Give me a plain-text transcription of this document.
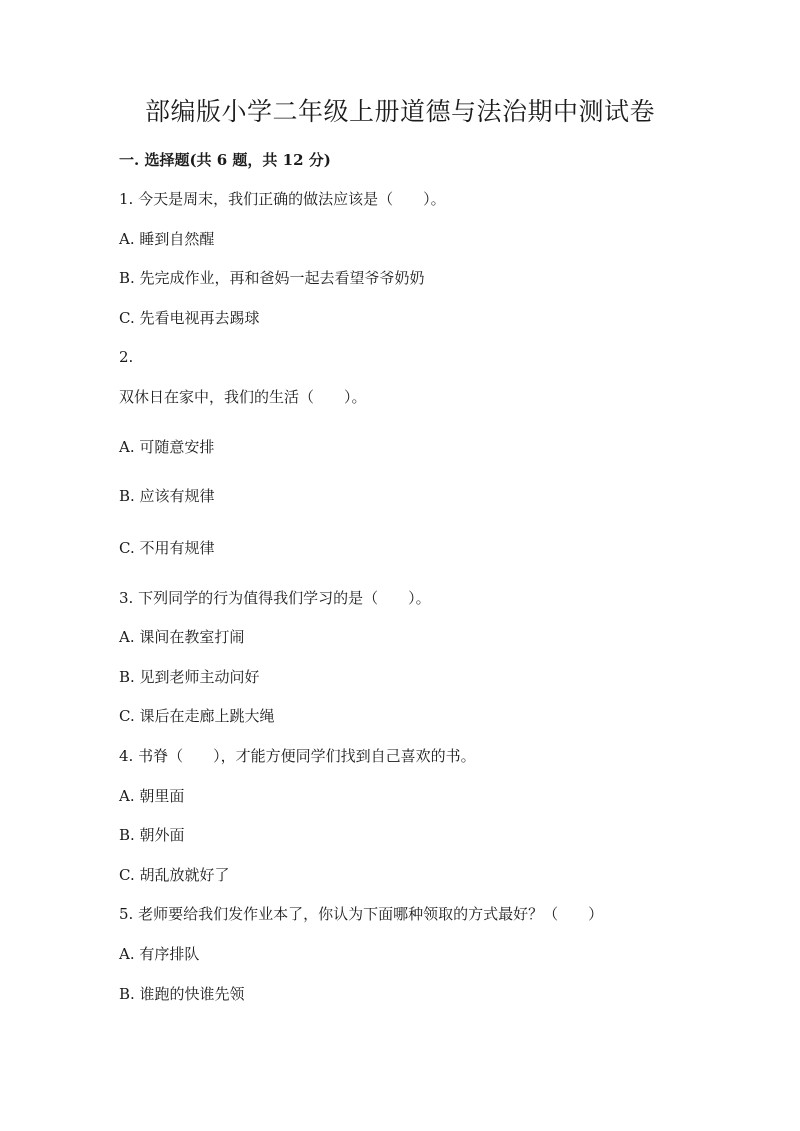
部编版小学二年级上册道德与法治期中测试卷
一. 选择题(共 6 题，共 12 分)
1. 今天是周末，我们正确的做法应该是（　　）。
A. 睡到自然醒
B. 先完成作业，再和爸妈一起去看望爷爷奶奶
C. 先看电视再去踢球
2.
双休日在家中，我们的生活（　　）。
A. 可随意安排
B. 应该有规律
C. 不用有规律
3. 下列同学的行为值得我们学习的是（　　）。
A. 课间在教室打闹
B. 见到老师主动问好
C. 课后在走廊上跳大绳
4. 书脊（　　），才能方便同学们找到自己喜欢的书。
A. 朝里面
B. 朝外面
C. 胡乱放就好了
5. 老师要给我们发作业本了，你认为下面哪种领取的方式最好？（　　）
A. 有序排队
B. 谁跑的快谁先领
